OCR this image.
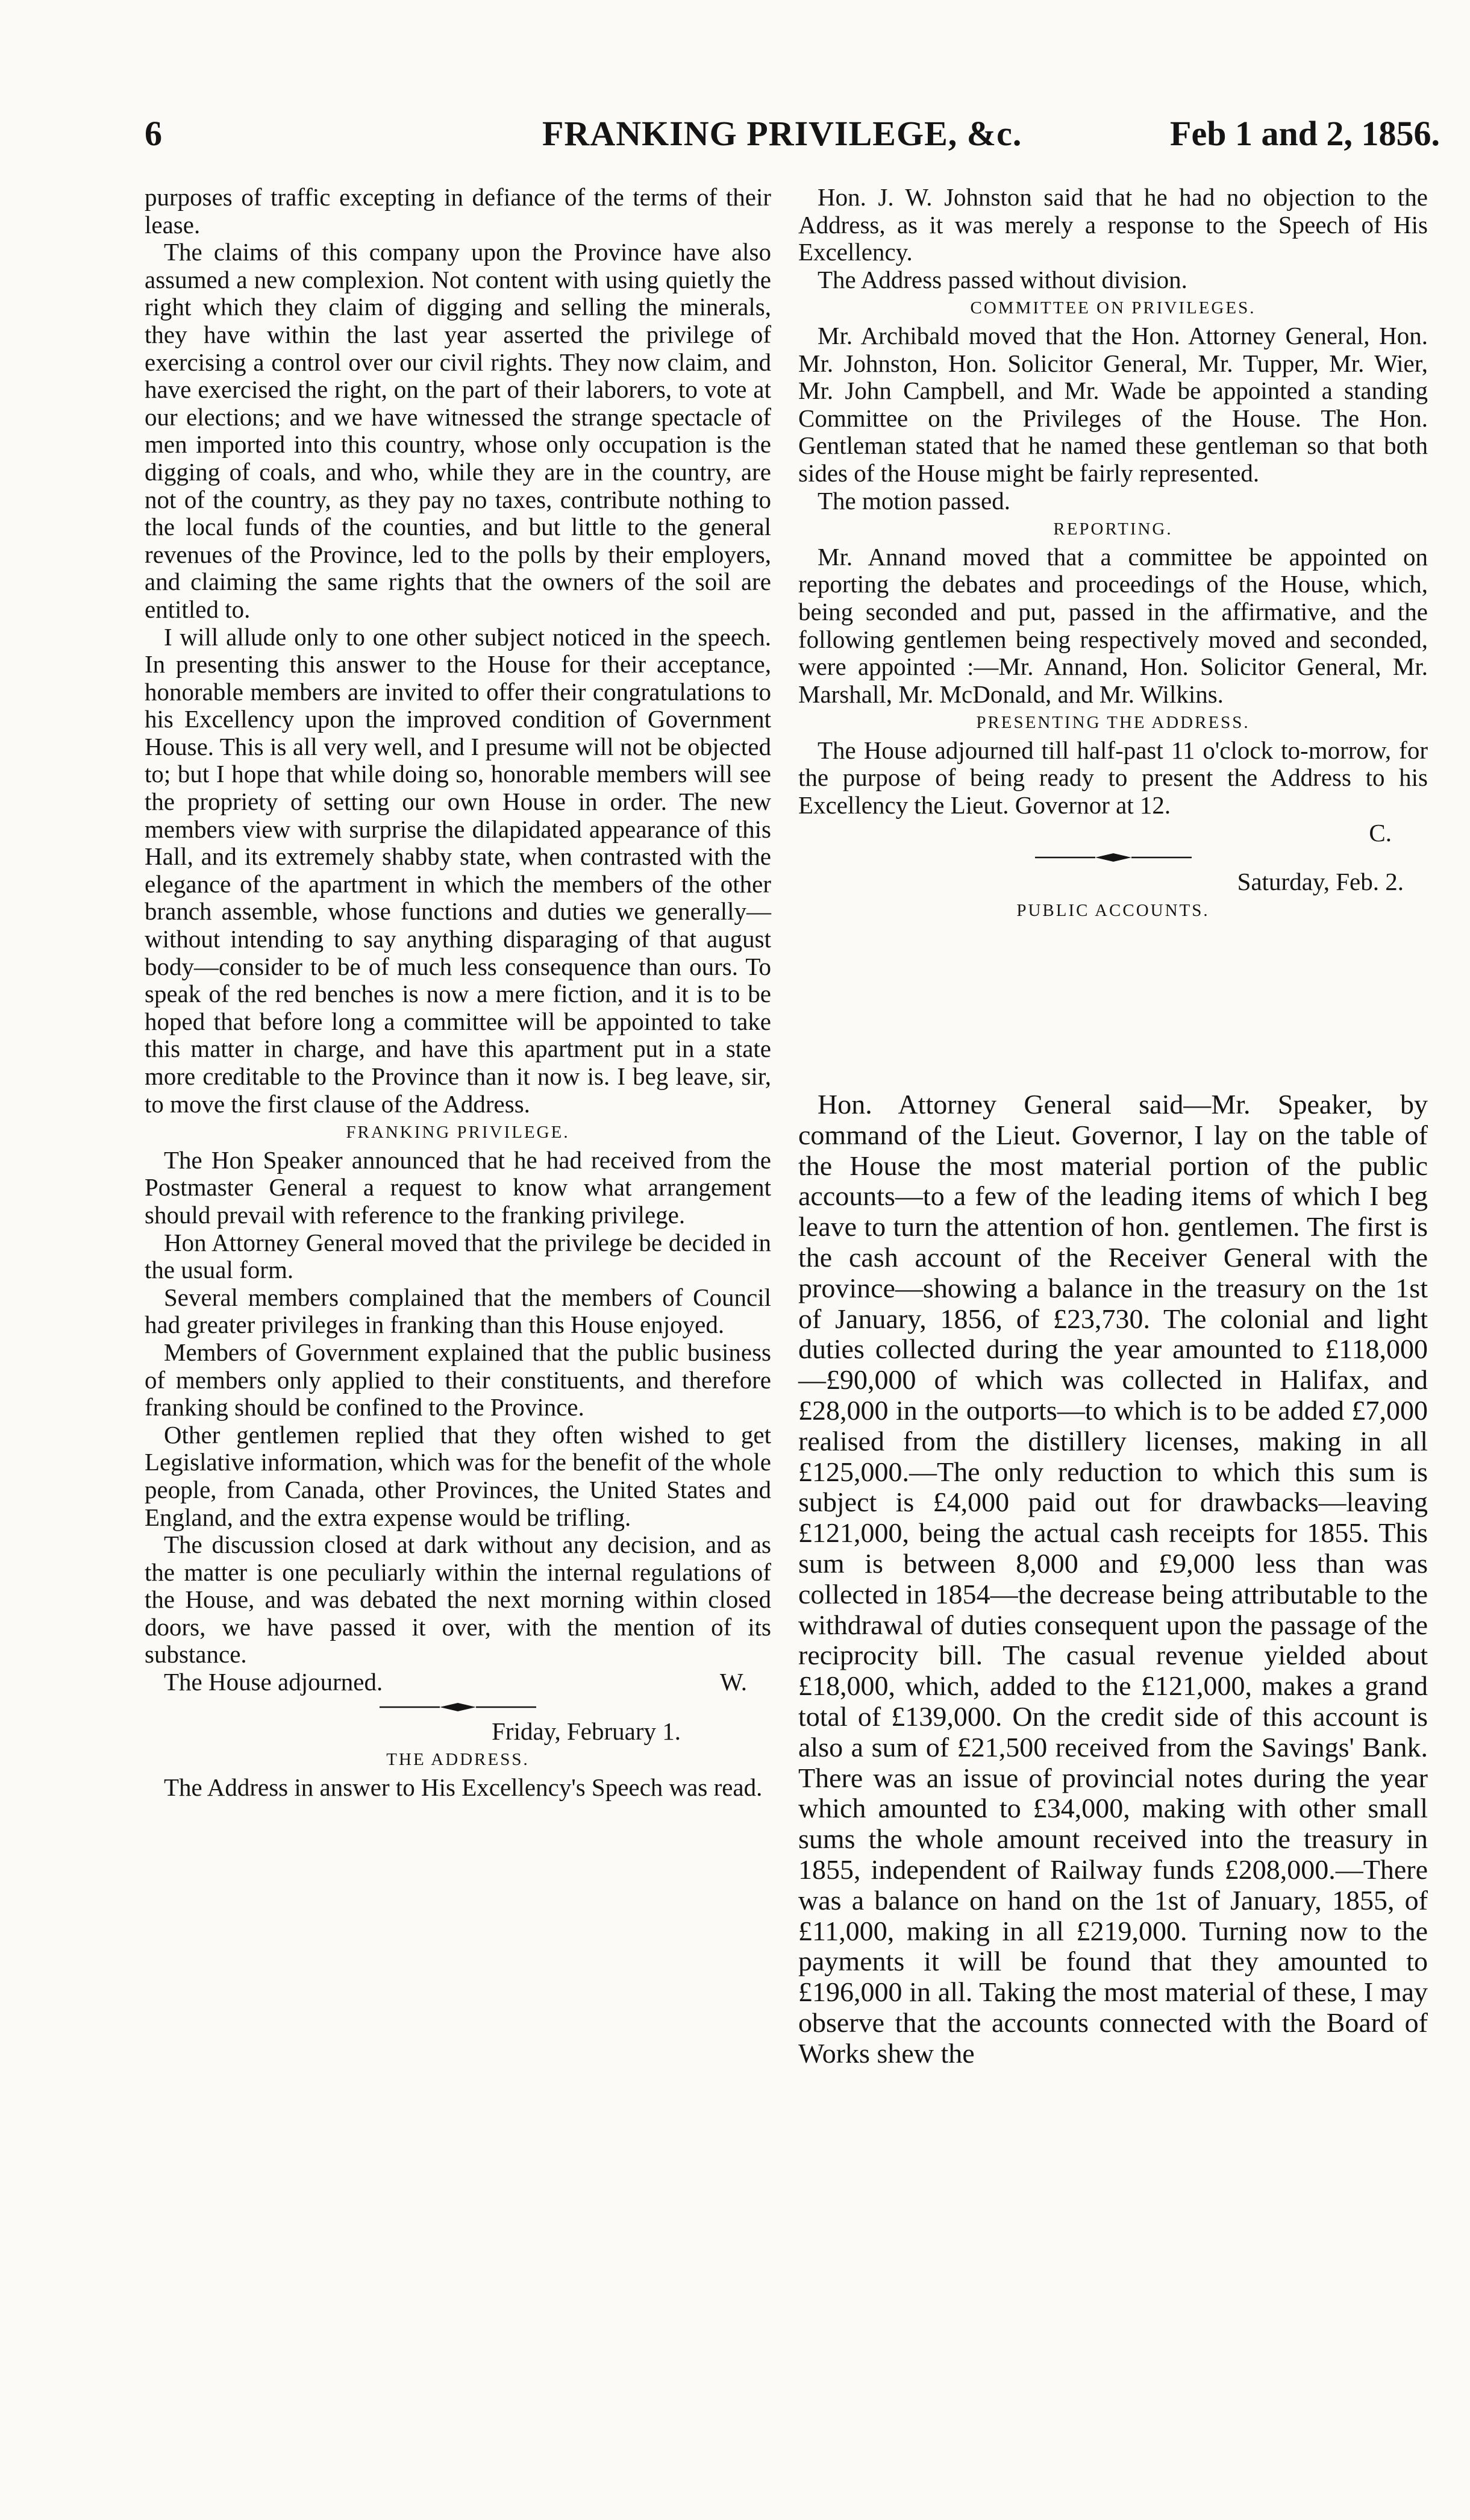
6	FRANKING PRIVILEGE, &c.	Feb 1 and 2, 1856.

purposes of traffic excepting in defiance of the terms of their lease.

The claims of this company upon the Province have also assumed a new complexion. Not content with using quietly the right which they claim of digging and selling the minerals, they have within the last year asserted the privilege of exercising a control over our civil rights. They now claim, and have exercised the right, on the part of their laborers, to vote at our elections; and we have witnessed the strange spectacle of men imported into this country, whose only occupation is the digging of coals, and who, while they are in the country, are not of the country, as they pay no taxes, contribute nothing to the local funds of the counties, and but little to the general revenues of the Province, led to the polls by their employers, and claiming the same rights that the owners of the soil are entitled to.

I will allude only to one other subject noticed in the speech. In presenting this answer to the House for their acceptance, honorable members are invited to offer their congratulations to his Excellency upon the improved condition of Government House. This is all very well, and I presume will not be objected to; but I hope that while doing so, honorable members will see the propriety of setting our own House in order. The new members view with surprise the dilapidated appearance of this Hall, and its extremely shabby state, when contrasted with the elegance of the apartment in which the members of the other branch assemble, whose functions and duties we generally—without intending to say anything disparaging of that august body—consider to be of much less consequence than ours. To speak of the red benches is now a mere fiction, and it is to be hoped that before long a committee will be appointed to take this matter in charge, and have this apartment put in a state more creditable to the Province than it now is. I beg leave, sir, to move the first clause of the Address.

FRANKING PRIVILEGE.

The Hon Speaker announced that he had received from the Postmaster General a request to know what arrangement should prevail with reference to the franking privilege.

Hon Attorney General moved that the privilege be decided in the usual form.

Several members complained that the members of Council had greater privileges in franking than this House enjoyed.

Members of Government explained that the public business of members only applied to their constituents, and therefore franking should be confined to the Province.

Other gentlemen replied that they often wished to get Legislative information, which was for the benefit of the whole people, from Canada, other Provinces, the United States and England, and the extra expense would be trifling.

The discussion closed at dark without any decision, and as the matter is one peculiarly within the internal regulations of the House, and was debated the next morning within closed doors, we have passed it over, with the mention of its substance.

The House adjourned.	W.
Friday, February 1.
THE ADDRESS.

The Address in answer to His Excellency's Speech was read.

Hon. J. W. Johnston said that he had no objection to the Address, as it was merely a response to the Speech of His Excellency.

The Address passed without division.

COMMITTEE ON PRIVILEGES.

Mr. Archibald moved that the Hon. Attorney General, Hon. Mr. Johnston, Hon. Solicitor General, Mr. Tupper, Mr. Wier, Mr. John Campbell, and Mr. Wade be appointed a standing Committee on the Privileges of the House. The Hon. Gentleman stated that he named these gentleman so that both sides of the House might be fairly represented.

The motion passed.

REPORTING.

Mr. Annand moved that a committee be appointed on reporting the debates and proceedings of the House, which, being seconded and put, passed in the affirmative, and the following gentlemen being respectively moved and seconded, were appointed :—Mr. Annand, Hon. Solicitor General, Mr. Marshall, Mr. McDonald, and Mr. Wilkins.

PRESENTING THE ADDRESS.

The House adjourned till half-past 11 o'clock to-morrow, for the purpose of being ready to present the Address to his Excellency the Lieut. Governor at 12.

C.
Saturday, Feb. 2.
PUBLIC ACCOUNTS.

Hon. Attorney General said—Mr. Speaker, by command of the Lieut. Governor, I lay on the table of the House the most material portion of the public accounts—to a few of the leading items of which I beg leave to turn the attention of hon. gentlemen. The first is the cash account of the Receiver General with the province—showing a balance in the treasury on the 1st of January, 1856, of £23,730. The colonial and light duties collected during the year amounted to £118,000—£90,000 of which was collected in Halifax, and £28,000 in the outports—to which is to be added £7,000 realised from the distillery licenses, making in all £125,000.—The only reduction to which this sum is subject is £4,000 paid out for drawbacks—leaving £121,000, being the actual cash receipts for 1855. This sum is between 8,000 and £9,000 less than was collected in 1854—the decrease being attributable to the withdrawal of duties consequent upon the passage of the reciprocity bill. The casual revenue yielded about £18,000, which, added to the £121,000, makes a grand total of £139,000. On the credit side of this account is also a sum of £21,500 received from the Savings' Bank. There was an issue of provincial notes during the year which amounted to £34,000, making with other small sums the whole amount received into the treasury in 1855, independent of Railway funds £208,000.—There was a balance on hand on the 1st of January, 1855, of £11,000, making in all £219,000. Turning now to the payments it will be found that they amounted to £196,000 in all. Taking the most material of these, I may observe that the accounts connected with the Board of Works shew the
